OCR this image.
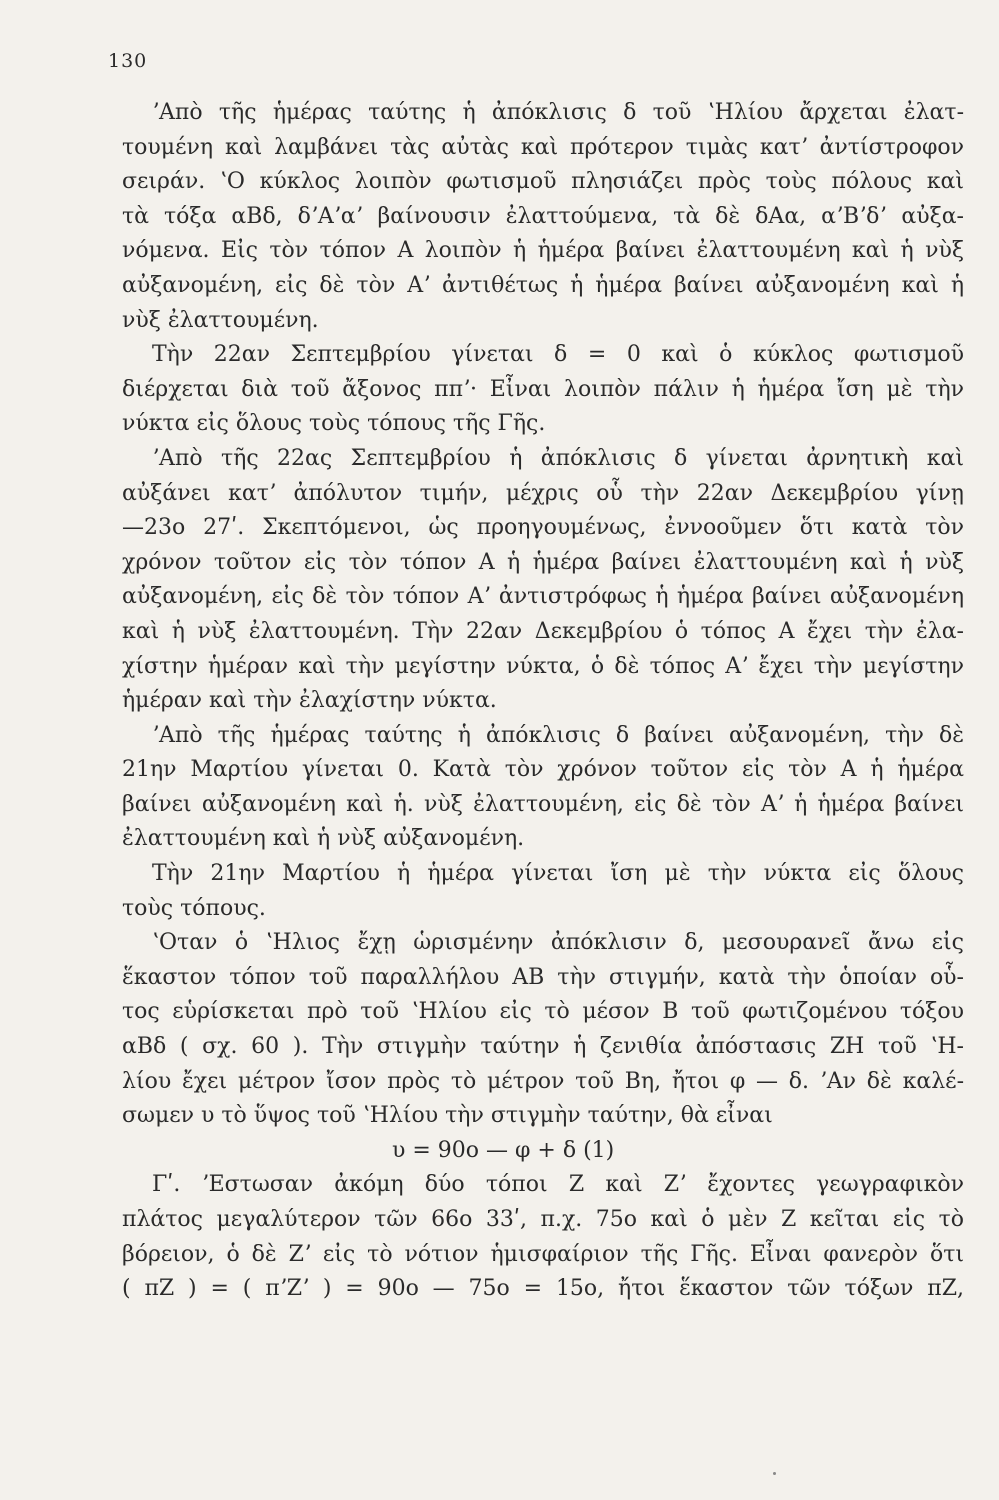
130
ʼΑπὸ τῆς ἡμέρας ταύτης ἡ ἀπόκλισις δ τοῦ ʽΗλίου ἄρχεται ἐλατ-
τουμένη καὶ λαμβάνει τὰς αὐτὰς καὶ πρότερον τιμὰς κατʼ ἀντίστροφον
σειράν. ʽΟ κύκλος λοιπὸν φωτισμοῦ πλησιάζει πρὸς τοὺς πόλους καὶ
τὰ τόξα αΒδ, δʼΑʼαʼ βαίνουσιν ἐλαττούμενα, τὰ δὲ δΑα, αʼΒʼδʼ αὐξα-
νόμενα. Εἰς τὸν τόπον Α λοιπὸν ἡ ἡμέρα βαίνει ἐλαττουμένη καὶ ἡ νὺξ
αὐξανομένη, εἰς δὲ τὸν Αʼ ἀντιθέτως ἡ ἡμέρα βαίνει αὐξανομένη καὶ ἡ
νὺξ ἐλαττουμένη.
Τὴν 22αν Σεπτεμβρίου γίνεται δ = 0 καὶ ὁ κύκλος φωτισμοῦ
διέρχεται διὰ τοῦ ἄξονος ππʼ· Εἶναι λοιπὸν πάλιν ἡ ἡμέρα ἴση μὲ τὴν
νύκτα εἰς ὅλους τοὺς τόπους τῆς Γῆς.
ʼΑπὸ τῆς 22ας Σεπτεμβρίου ἡ ἀπόκλισις δ γίνεται ἀρνητικὴ καὶ
αὐξάνει κατʼ ἀπόλυτον τιμήν, μέχρις οὗ τὴν 22αν Δεκεμβρίου γίνῃ
—23ο 27ʹ. Σκεπτόμενοι, ὡς προηγουμένως, ἐννοοῦμεν ὅτι κατὰ τὸν
χρόνον τοῦτον εἰς τὸν τόπον Α ἡ ἡμέρα βαίνει ἐλαττουμένη καὶ ἡ νὺξ
αὐξανομένη, εἰς δὲ τὸν τόπον Αʼ ἀντιστρόφως ἡ ἡμέρα βαίνει αὐξανομένη
καὶ ἡ νὺξ ἐλαττουμένη. Τὴν 22αν Δεκεμβρίου ὁ τόπος Α ἔχει τὴν ἐλα-
χίστην ἡμέραν καὶ τὴν μεγίστην νύκτα, ὁ δὲ τόπος Αʼ ἔχει τὴν μεγίστην
ἡμέραν καὶ τὴν ἐλαχίστην νύκτα.
ʼΑπὸ τῆς ἡμέρας ταύτης ἡ ἀπόκλισις δ βαίνει αὐξανομένη, τὴν δὲ
21ην Μαρτίου γίνεται 0. Κατὰ τὸν χρόνον τοῦτον εἰς τὸν Α ἡ ἡμέρα
βαίνει αὐξανομένη καὶ ἡ. νὺξ ἐλαττουμένη, εἰς δὲ τὸν Αʼ ἡ ἡμέρα βαίνει
ἐλαττουμένη καὶ ἡ νὺξ αὐξανομένη.
Τὴν 21ην Μαρτίου ἡ ἡμέρα γίνεται ἴση μὲ τὴν νύκτα εἰς ὅλους
τοὺς τόπους.
ʽΟταν ὁ ʽΗλιος ἔχῃ ὡρισμένην ἀπόκλισιν δ, μεσουρανεῖ ἄνω εἰς
ἕκαστον τόπον τοῦ παραλλήλου ΑΒ τὴν στιγμήν, κατὰ τὴν ὁποίαν οὗ-
τος εὑρίσκεται πρὸ τοῦ ʽΗλίου εἰς τὸ μέσον Β τοῦ φωτιζομένου τόξου
αΒδ ( σχ. 60 ). Τὴν στιγμὴν ταύτην ἡ ζενιθία ἀπόστασις ΖΗ τοῦ ʽΗ-
λίου ἔχει μέτρον ἴσον πρὸς τὸ μέτρον τοῦ Βη, ἤτοι φ — δ. ʼΑν δὲ καλέ-
σωμεν υ τὸ ὕψος τοῦ ʽΗλίου τὴν στιγμὴν ταύτην, θὰ εἶναι
υ = 90ο — φ + δ (1)
Γʹ. ʼΕστωσαν ἀκόμη δύο τόποι Ζ καὶ Ζʼ ἔχοντες γεωγραφικὸν
πλάτος μεγαλύτερον τῶν 66ο 33ʹ, π.χ. 75ο καὶ ὁ μὲν Ζ κεῖται εἰς τὸ
βόρειον, ὁ δὲ Ζʼ εἰς τὸ νότιον ἡμισφαίριον τῆς Γῆς. Εἶναι φανερὸν ὅτι
( πΖ ) = ( πʼΖʼ ) = 90ο — 75ο = 15ο, ἤτοι ἕκαστον τῶν τόξων πΖ,
